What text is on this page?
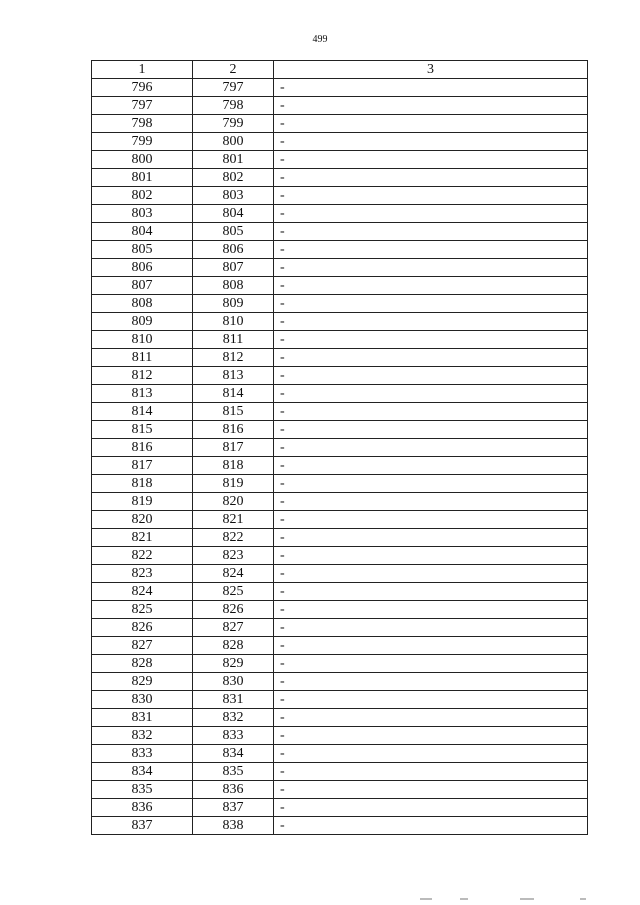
499
1	2	3
796	797	-
797	798	-
798	799	-
799	800	-
800	801	-
801	802	-
802	803	-
803	804	-
804	805	-
805	806	-
806	807	-
807	808	-
808	809	-
809	810	-
810	811	-
811	812	-
812	813	-
813	814	-
814	815	-
815	816	-
816	817	-
817	818	-
818	819	-
819	820	-
820	821	-
821	822	-
822	823	-
823	824	-
824	825	-
825	826	-
826	827	-
827	828	-
828	829	-
829	830	-
830	831	-
831	832	-
832	833	-
833	834	-
834	835	-
835	836	-
836	837	-
837	838	-
